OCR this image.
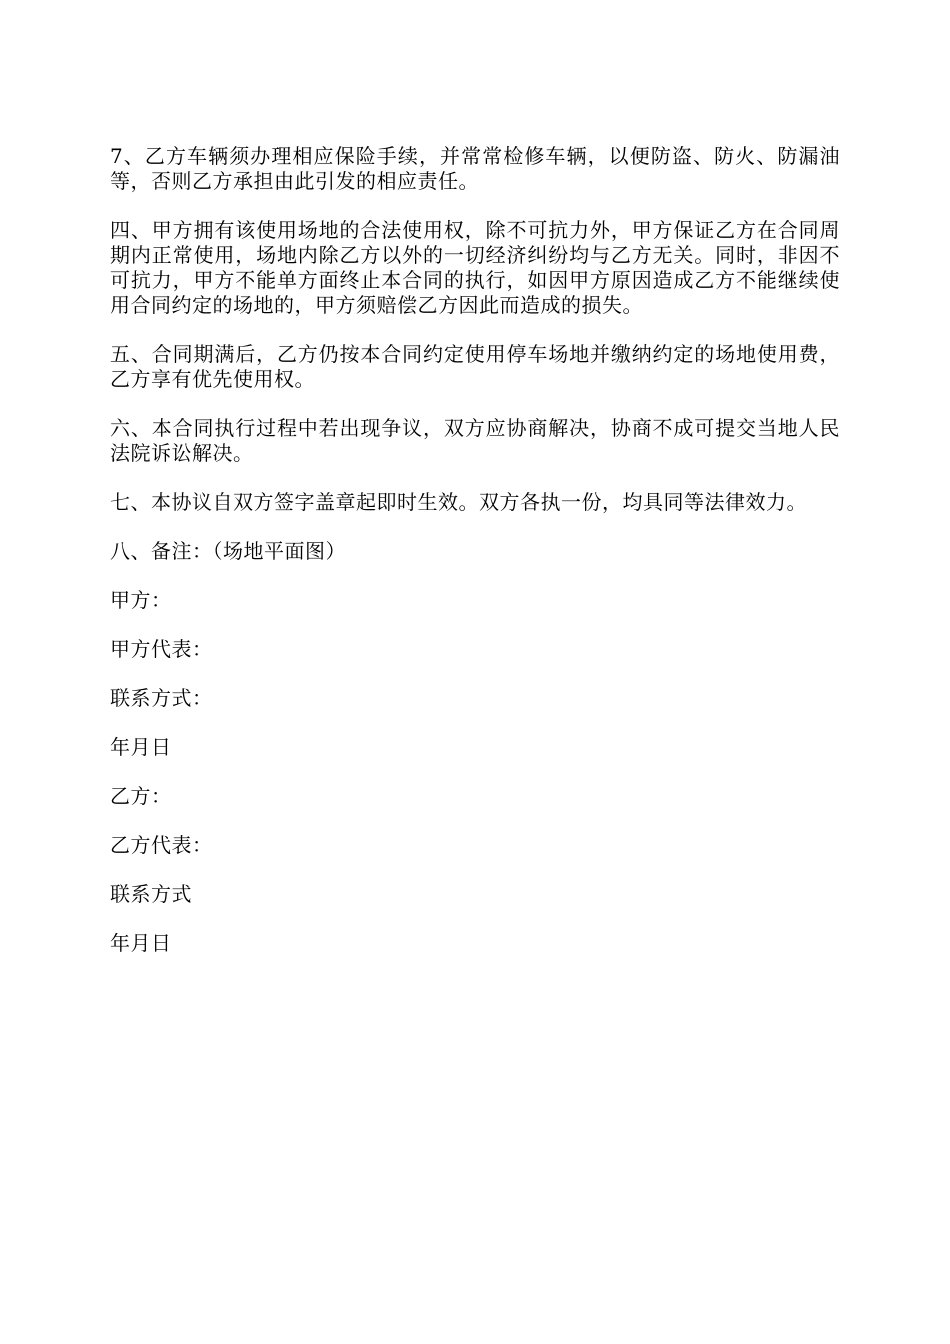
7、乙方车辆须办理相应保险手续，并常常检修车辆，以便防盗、防火、防漏油等，否则乙方承担由此引发的相应责任。

四、甲方拥有该使用场地的合法使用权，除不可抗力外，甲方保证乙方在合同周期内正常使用，场地内除乙方以外的一切经济纠纷均与乙方无关。同时，非因不可抗力，甲方不能单方面终止本合同的执行，如因甲方原因造成乙方不能继续使用合同约定的场地的，甲方须赔偿乙方因此而造成的损失。

五、合同期满后，乙方仍按本合同约定使用停车场地并缴纳约定的场地使用费，乙方享有优先使用权。

六、本合同执行过程中若出现争议，双方应协商解决，协商不成可提交当地人民法院诉讼解决。

七、本协议自双方签字盖章起即时生效。双方各执一份，均具同等法律效力。

八、备注：（场地平面图）
甲方：
甲方代表：
联系方式：
年月日
乙方：
乙方代表：
联系方式
年月日
